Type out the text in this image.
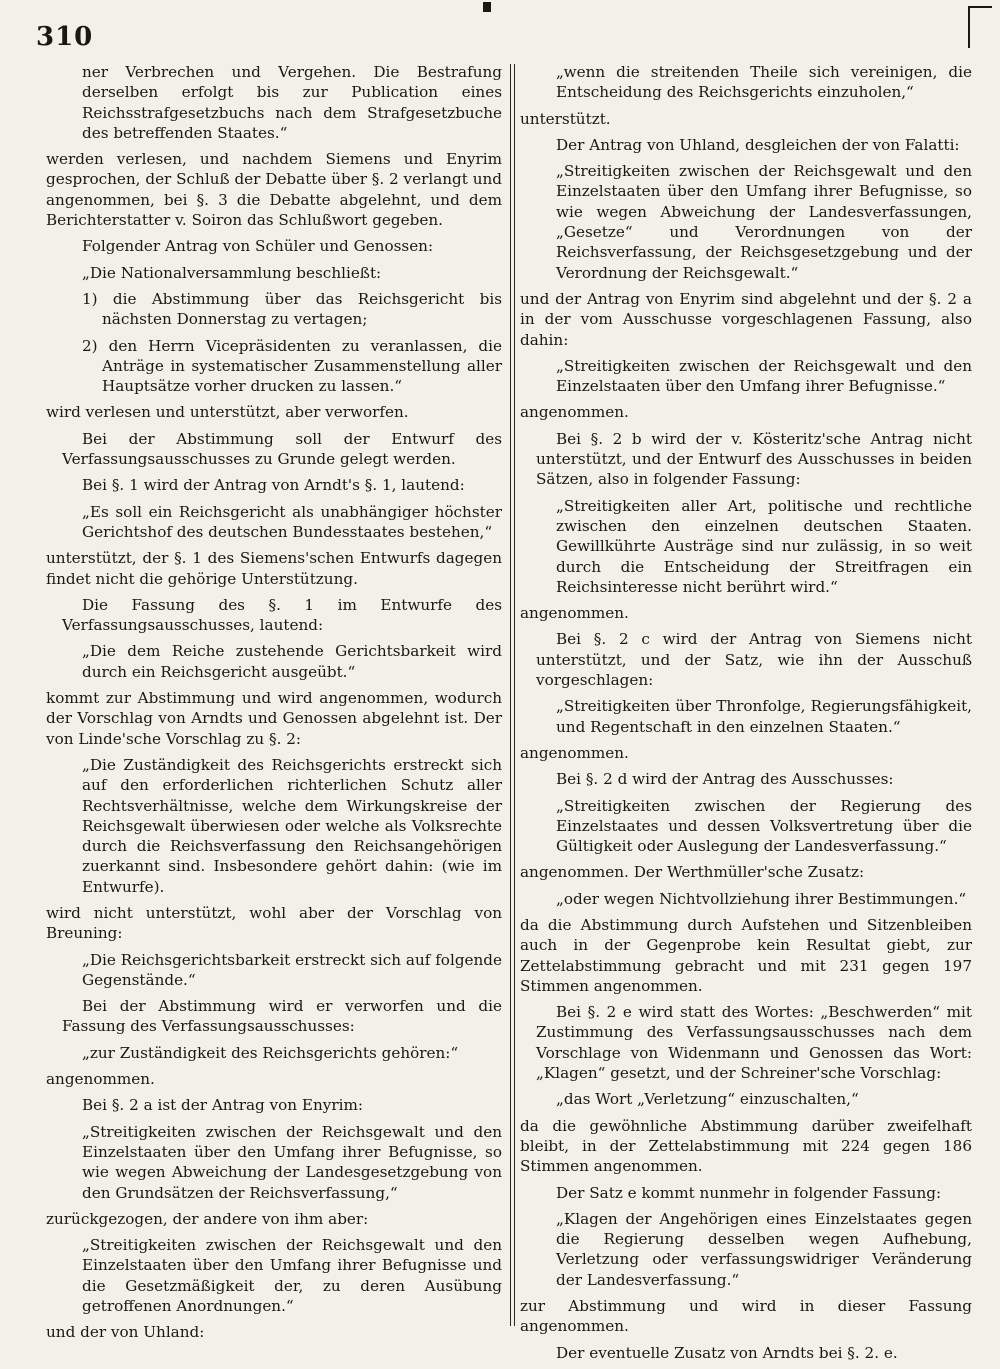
310

ner Verbrechen und Vergehen. Die Bestrafung derselben erfolgt bis zur Publication eines Reichsstrafgesetzbuchs nach dem Strafgesetzbuche des betreffenden Staates.“

werden verlesen, und nachdem Siemens und Enyrim gesprochen, der Schluß der Debatte über §. 2 verlangt und angenommen, bei §. 3 die Debatte abgelehnt, und dem Berichterstatter v. Soiron das Schlußwort gegeben.

Folgender Antrag von Schüler und Genossen:

„Die Nationalversammlung beschließt:

1) die Abstimmung über das Reichsgericht bis nächsten Donnerstag zu vertagen;

2) den Herrn Vicepräsidenten zu veranlassen, die Anträge in systematischer Zusammenstellung aller Hauptsätze vorher drucken zu lassen.“

wird verlesen und unterstützt, aber verworfen.

Bei der Abstimmung soll der Entwurf des Verfassungsausschusses zu Grunde gelegt werden.

Bei §. 1 wird der Antrag von Arndt's §. 1, lautend:

„Es soll ein Reichsgericht als unabhängiger höchster Gerichtshof des deutschen Bundesstaates bestehen,“

unterstützt, der §. 1 des Siemens'schen Entwurfs dagegen findet nicht die gehörige Unterstützung.

Die Fassung des §. 1 im Entwurfe des Verfassungsausschusses, lautend:

„Die dem Reiche zustehende Gerichtsbarkeit wird durch ein Reichsgericht ausgeübt.“

kommt zur Abstimmung und wird angenommen, wodurch der Vorschlag von Arndts und Genossen abgelehnt ist. Der von Linde'sche Vorschlag zu §. 2:

„Die Zuständigkeit des Reichsgerichts erstreckt sich auf den erforderlichen richterlichen Schutz aller Rechtsverhältnisse, welche dem Wirkungskreise der Reichsgewalt überwiesen oder welche als Volksrechte durch die Reichsverfassung den Reichsangehörigen zuerkannt sind. Insbesondere gehört dahin: (wie im Entwurfe).

wird nicht unterstützt, wohl aber der Vorschlag von Breuning:

„Die Reichsgerichtsbarkeit erstreckt sich auf folgende Gegenstände.“

Bei der Abstimmung wird er verworfen und die Fassung des Verfassungsausschusses:

„zur Zuständigkeit des Reichsgerichts gehören:“

angenommen.

Bei §. 2 a ist der Antrag von Enyrim:

„Streitigkeiten zwischen der Reichsgewalt und den Einzelstaaten über den Umfang ihrer Befugnisse, so wie wegen Abweichung der Landesgesetzgebung von den Grundsätzen der Reichsverfassung,“

zurückgezogen, der andere von ihm aber:

„Streitigkeiten zwischen der Reichsgewalt und den Einzelstaaten über den Umfang ihrer Befugnisse und die Gesetzmäßigkeit der, zu deren Ausübung getroffenen Anordnungen.“

und der von Uhland:

„wenn die streitenden Theile sich vereinigen, die Entscheidung des Reichsgerichts einzuholen,“

unterstützt.

Der Antrag von Uhland, desgleichen der von Falatti:

„Streitigkeiten zwischen der Reichsgewalt und den Einzelstaaten über den Umfang ihrer Befugnisse, so wie wegen Abweichung der Landesverfassungen, „Gesetze“ und Verordnungen von der Reichsverfassung, der Reichsgesetzgebung und der Verordnung der Reichsgewalt.“

und der Antrag von Enyrim sind abgelehnt und der §. 2 a in der vom Ausschusse vorgeschlagenen Fassung, also dahin:

„Streitigkeiten zwischen der Reichsgewalt und den Einzelstaaten über den Umfang ihrer Befugnisse.“

angenommen.

Bei §. 2 b wird der v. Kösteritz'sche Antrag nicht unterstützt, und der Entwurf des Ausschusses in beiden Sätzen, also in folgender Fassung:

„Streitigkeiten aller Art, politische und rechtliche zwischen den einzelnen deutschen Staaten. Gewillkührte Austräge sind nur zulässig, in so weit durch die Entscheidung der Streitfragen ein Reichsinteresse nicht berührt wird.“

angenommen.

Bei §. 2 c wird der Antrag von Siemens nicht unterstützt, und der Satz, wie ihn der Ausschuß vorgeschlagen:

„Streitigkeiten über Thronfolge, Regierungsfähigkeit, und Regentschaft in den einzelnen Staaten.“

angenommen.

Bei §. 2 d wird der Antrag des Ausschusses:

„Streitigkeiten zwischen der Regierung des Einzelstaates und dessen Volksvertretung über die Gültigkeit oder Auslegung der Landesverfassung.“

angenommen. Der Werthmüller'sche Zusatz:

„oder wegen Nichtvollziehung ihrer Bestimmungen.“

da die Abstimmung durch Aufstehen und Sitzenbleiben auch in der Gegenprobe kein Resultat giebt, zur Zettelabstimmung gebracht und mit 231 gegen 197 Stimmen angenommen.

Bei §. 2 e wird statt des Wortes: „Beschwerden“ mit Zustimmung des Verfassungsausschusses nach dem Vorschlage von Widenmann und Genossen das Wort: „Klagen“ gesetzt, und der Schreiner'sche Vorschlag:

„das Wort „Verletzung“ einzuschalten,“

da die gewöhnliche Abstimmung darüber zweifelhaft bleibt, in der Zettelabstimmung mit 224 gegen 186 Stimmen angenommen.

Der Satz e kommt nunmehr in folgender Fassung:

„Klagen der Angehörigen eines Einzelstaates gegen die Regierung desselben wegen Aufhebung, Verletzung oder verfassungswidriger Veränderung der Landesverfassung.“

zur Abstimmung und wird in dieser Fassung angenommen.

Der eventuelle Zusatz von Arndts bei §. 2. e.
